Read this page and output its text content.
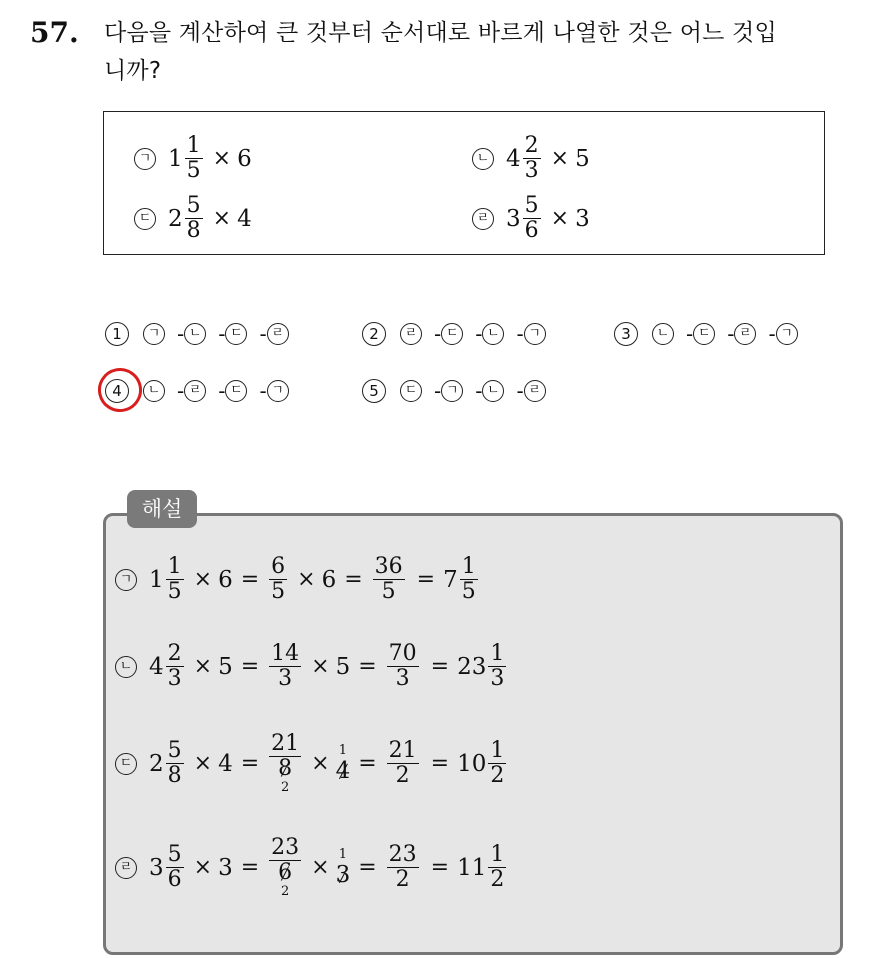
57. 다음을 계산하여 큰 것부터 순서대로 바르게 나열한 것은 어느 것입
니까?
ㄱ $1 \frac{1}{5} \times 6$	ㄴ $4 \frac{2}{3} \times 5$
ㄷ $2 \frac{5}{8} \times 4$	ㄹ $3 \frac{5}{6} \times 3$
1	ㄱ - ㄴ - ㄷ - ㄹ	2	ㄹ - ㄷ - ㄴ - ㄱ	3	ㄴ - ㄷ - ㄹ - ㄱ
4	ㄴ - ㄹ - ㄷ - ㄱ	5	ㄷ - ㄱ - ㄴ - ㄹ
해설
ㄱ $1 \frac{1}{5} \times 6 = \frac{6}{5} \times 6 = \frac{36}{5} = 7 \frac{1}{5}$
ㄴ $4 \frac{2}{3} \times 5 = \frac{14}{3} \times 5 = \frac{70}{3} = 23 \frac{1}{3}$
ㄷ $2 \frac{5}{8} \times 4$ =
21
8
2
×
1
$4 = \frac{21}{2} = 10 \frac{1}{2}$
ㄹ $3 \frac{5}{6} \times 3$ =
23
6
2
×
1
$3 = \frac{23}{2} = 11 \frac{1}{2}$
